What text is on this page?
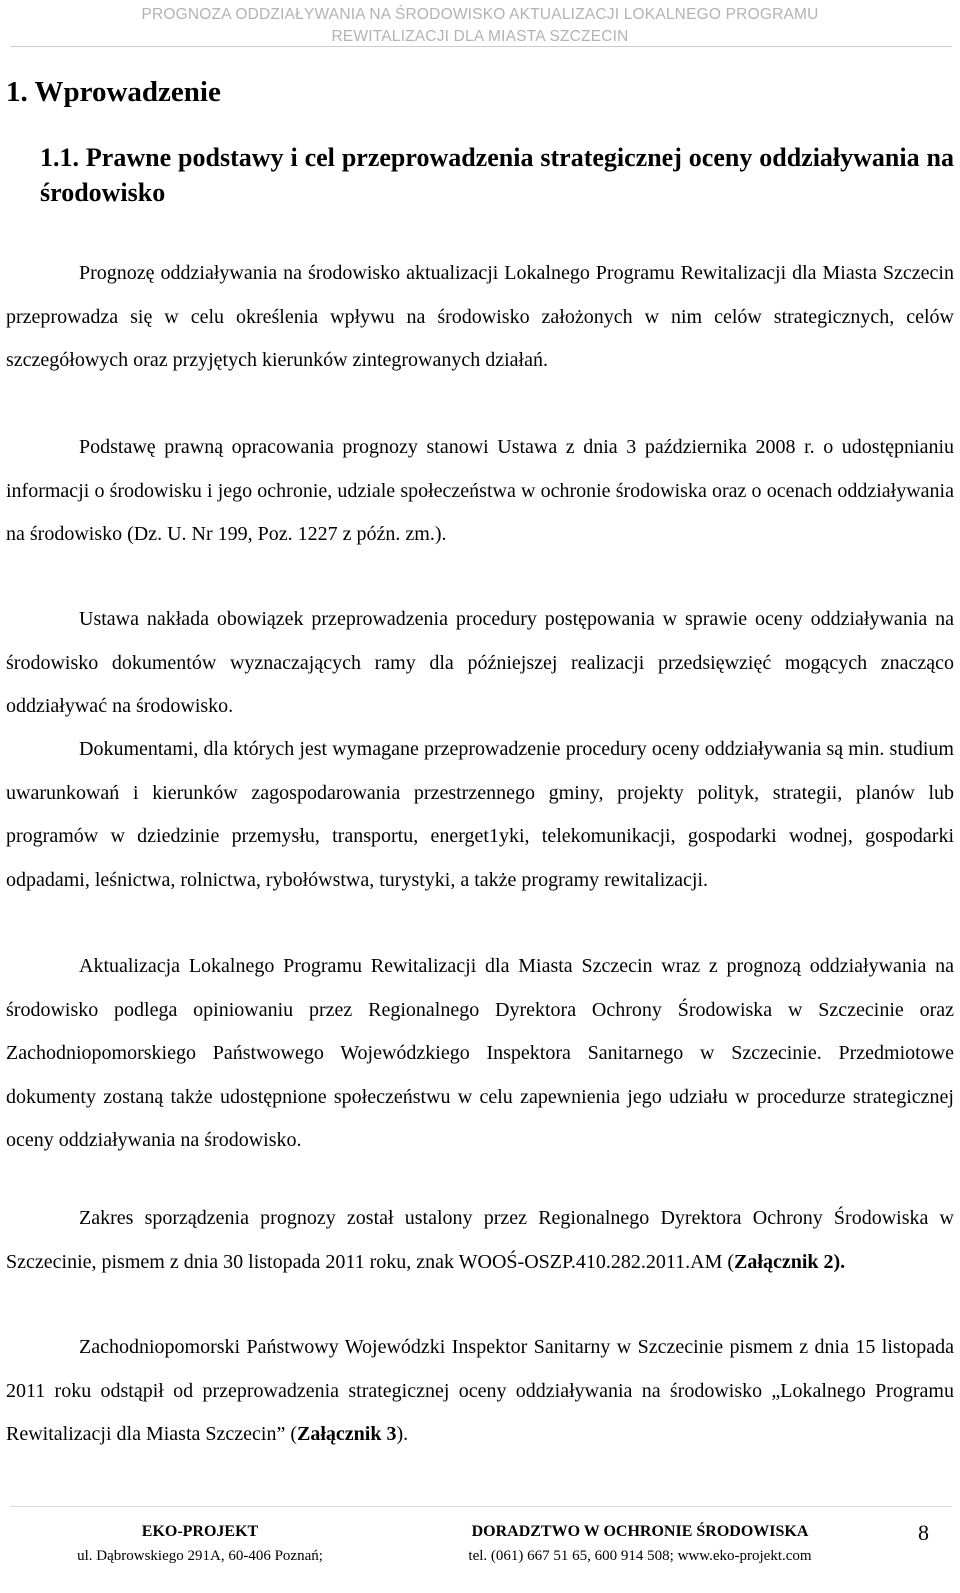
PROGNOZA ODDZIAŁYWANIA NA ŚRODOWISKO AKTUALIZACJI LOKALNEGO PROGRAMU
REWITALIZACJI DLA MIASTA SZCZECIN
1. Wprowadzenie
1.1. Prawne podstawy i cel przeprowadzenia strategicznej oceny oddziaływania na środowisko

Prognozę oddziaływania na środowisko aktualizacji Lokalnego Programu Rewitalizacji dla Miasta Szczecin przeprowadza się w celu określenia wpływu na środowisko założonych w nim celów strategicznych, celów szczegółowych oraz przyjętych kierunków zintegrowanych działań.

Podstawę prawną opracowania prognozy stanowi Ustawa z dnia 3 października 2008 r. o udostępnianiu informacji o środowisku i jego ochronie, udziale społeczeństwa w ochronie środowiska oraz o ocenach oddziaływania na środowisko (Dz. U. Nr 199, Poz. 1227 z późn. zm.).

Ustawa nakłada obowiązek przeprowadzenia procedury postępowania w sprawie oceny oddziaływania na środowisko dokumentów wyznaczających ramy dla późniejszej realizacji przedsięwzięć mogących znacząco oddziaływać na środowisko.

Dokumentami, dla których jest wymagane przeprowadzenie procedury oceny oddziaływania są min. studium uwarunkowań i kierunków zagospodarowania przestrzennego gminy, projekty polityk, strategii, planów lub programów w dziedzinie przemysłu, transportu, energet1yki, telekomunikacji, gospodarki wodnej, gospodarki odpadami, leśnictwa, rolnictwa, rybołówstwa, turystyki, a także programy rewitalizacji.

Aktualizacja Lokalnego Programu Rewitalizacji dla Miasta Szczecin wraz z prognozą oddziaływania na środowisko podlega opiniowaniu przez Regionalnego Dyrektora Ochrony Środowiska w Szczecinie oraz Zachodniopomorskiego Państwowego Wojewódzkiego Inspektora Sanitarnego w Szczecinie. Przedmiotowe dokumenty zostaną także udostępnione społeczeństwu w celu zapewnienia jego udziału w procedurze strategicznej oceny oddziaływania na środowisko.

Zakres sporządzenia prognozy został ustalony przez Regionalnego Dyrektora Ochrony Środowiska w Szczecinie, pismem z dnia 30 listopada 2011 roku, znak WOOŚ-OSZP.410.282.2011.AM (Załącznik 2).

Zachodniopomorski Państwowy Wojewódzki Inspektor Sanitarny w Szczecinie pismem z dnia 15 listopada 2011 roku odstąpił od przeprowadzenia strategicznej oceny oddziaływania na środowisko „Lokalnego Programu Rewitalizacji dla Miasta Szczecin” (Załącznik 3).

EKO-PROJEKT
ul. Dąbrowskiego 291A, 60-406 Poznań;
DORADZTWO W OCHRONIE ŚRODOWISKA
tel. (061) 667 51 65, 600 914 508; www.eko-projekt.com
8
